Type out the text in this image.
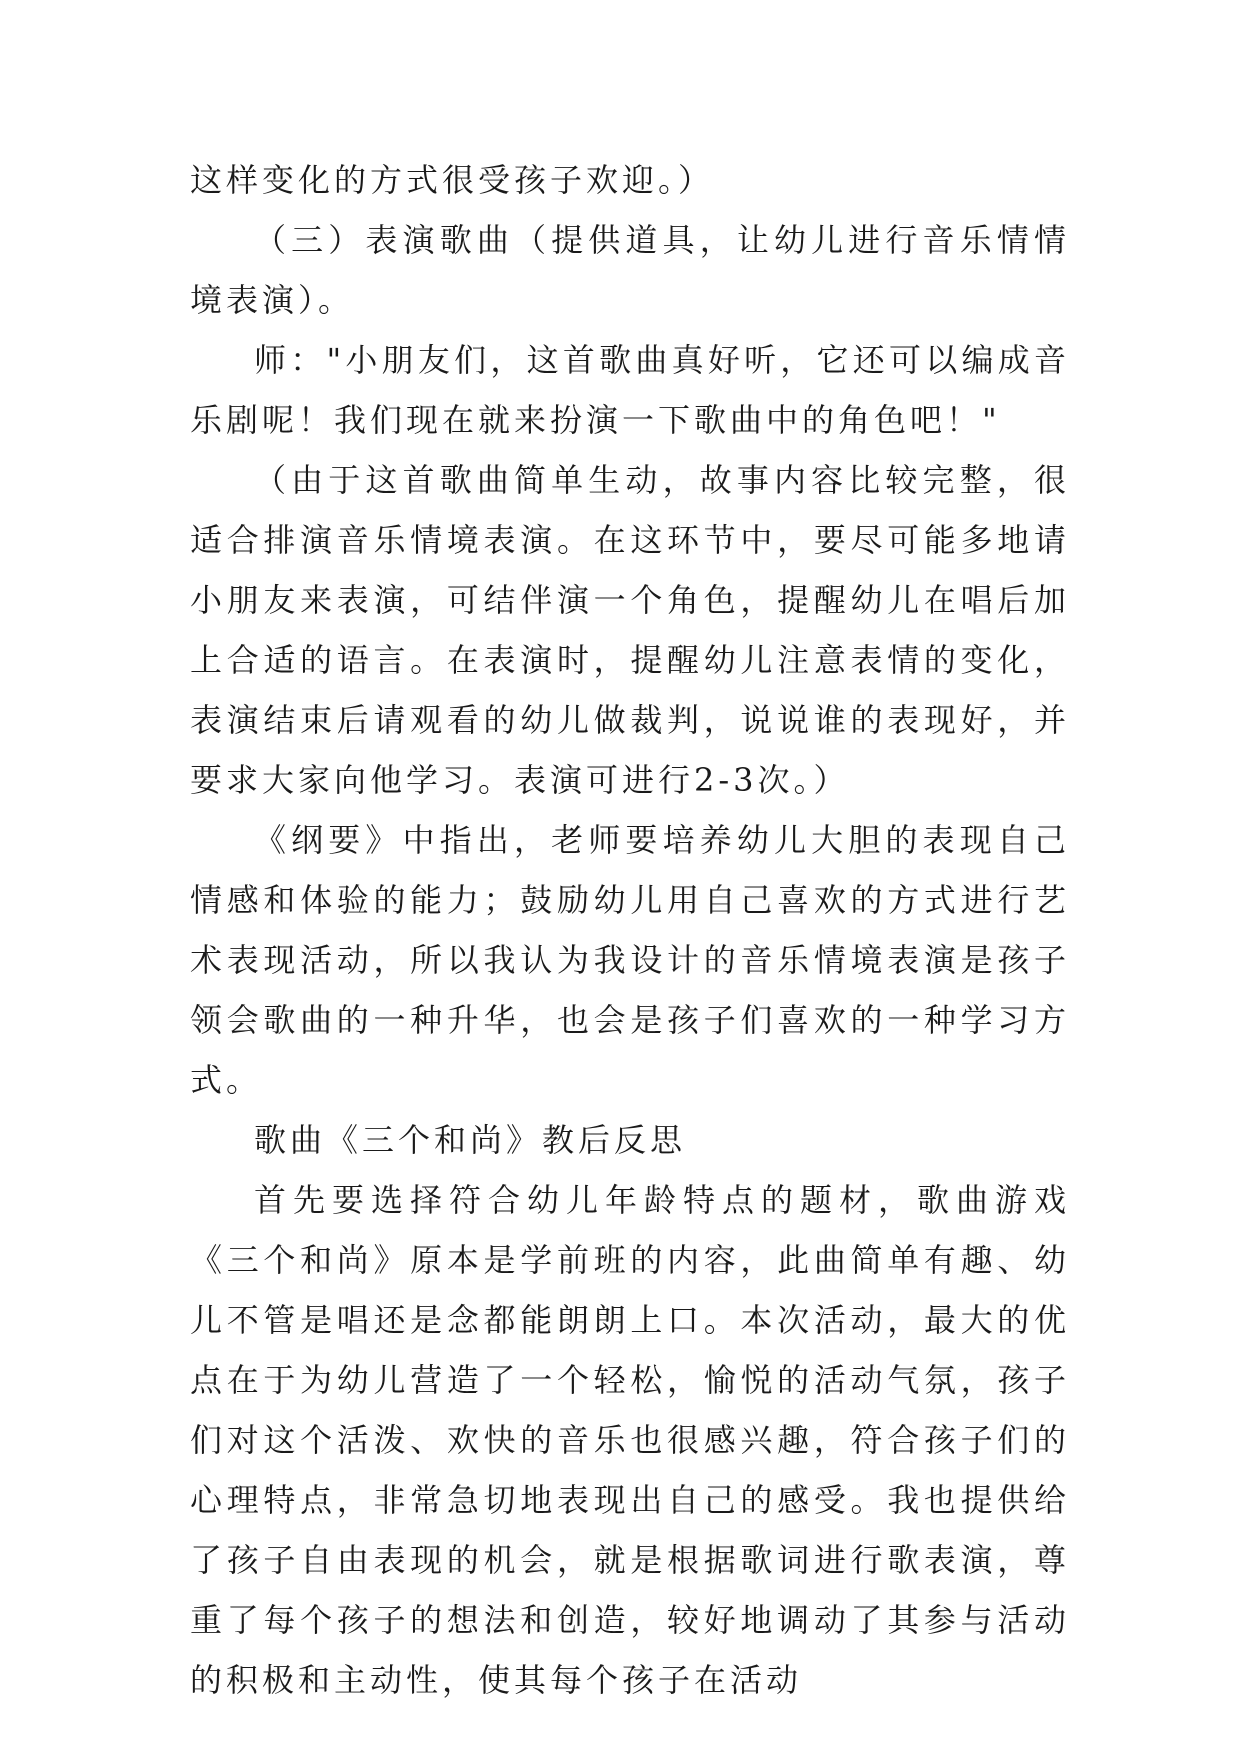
这样变化的方式很受孩子欢迎。）

（三）表演歌曲（提供道具，让幼儿进行音乐情情境表演）。

师："小朋友们，这首歌曲真好听，它还可以编成音乐剧呢！我们现在就来扮演一下歌曲中的角色吧！"

（由于这首歌曲简单生动，故事内容比较完整，很适合排演音乐情境表演。在这环节中，要尽可能多地请小朋友来表演，可结伴演一个角色，提醒幼儿在唱后加上合适的语言。在表演时，提醒幼儿注意表情的变化，表演结束后请观看的幼儿做裁判，说说谁的表现好，并要求大家向他学习。表演可进行2-3次。）

《纲要》中指出，老师要培养幼儿大胆的表现自己情感和体验的能力；鼓励幼儿用自己喜欢的方式进行艺术表现活动，所以我认为我设计的音乐情境表演是孩子领会歌曲的一种升华，也会是孩子们喜欢的一种学习方式。

歌曲《三个和尚》教后反思

首先要选择符合幼儿年龄特点的题材，歌曲游戏《三个和尚》原本是学前班的内容，此曲简单有趣、幼儿不管是唱还是念都能朗朗上口。本次活动，最大的优点在于为幼儿营造了一个轻松，愉悦的活动气氛，孩子们对这个活泼、欢快的音乐也很感兴趣，符合孩子们的心理特点，非常急切地表现出自己的感受。我也提供给了孩子自由表现的机会，就是根据歌词进行歌表演，尊重了每个孩子的想法和创造，较好地调动了其参与活动的积极和主动性，使其每个孩子在活动
